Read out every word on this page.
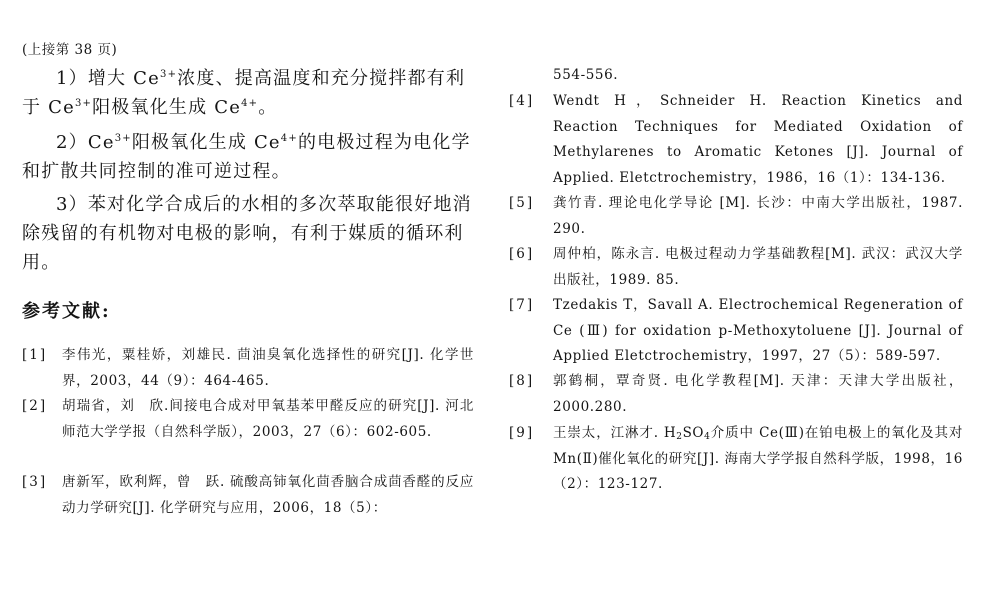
(上接第 38 页)
1）增大 $Ce^{3+}$浓度、提高温度和充分搅拌都有利于 $Ce^{3+}$阳极氧化生成 $Ce^{4+}$。
$2)Ce^{3+}$阳极氧化生成 $Ce^{4+}$的电极过程为电化学和扩散共同控制的准可逆过程。
3）苯对化学合成后的水相的多次萃取能很好地消除残留的有机物对电极的影响，有利于媒质的循环利用。
参考文献:
[1] 李伟光，粟桂娇，刘雄民. 茴油臭氧化选择性的研究[J]. 化学世界，2003，44（9）：464-465.
[2] 胡瑞省，刘　欣.间接电合成对甲氧基苯甲醛反应的研究[J]. 河北师范大学学报（自然科学版），2003，27（6）：602-605.
[3] 唐新军，欧利辉，曾　跃. 硫酸高铈氧化茴香脑合成茴香醛的反应动力学研究[J]. 化学研究与应用，2006，18（5）：
554-556.
[4] Wendt H，Schneider H. Reaction Kinetics and Reaction Techniques for Mediated Oxidation of Methylarenes to Aromatic Ketones [J]. Journal of Applied. Eletctrochemistry，1986，16（1）：134-136.
[5] 龚竹青. 理论电化学导论 [M]. 长沙：中南大学出版社，1987. 290.
[6] 周仲柏，陈永言. 电极过程动力学基础教程[M]. 武汉：武汉大学出版社，1989. 85.
[7] Tzedakis T，Savall A. Electrochemical Regeneration of Ce (Ⅲ) for oxidation p-Methoxytoluene [J]. Journal of Applied Eletctrochemistry，1997，27（5）：589-597.
[8] 郭鹤桐，覃奇贤. 电化学教程[M]. 天津：天津大学出版社，2000.280.
[9] 王崇太，江淋才. $H_2SO_4$介质中 Ce(Ⅲ)在铂电极上的氧化及其对 Mn(Ⅱ)催化氧化的研究[J]. 海南大学学报自然科学版，1998，16（2）：123-127.
